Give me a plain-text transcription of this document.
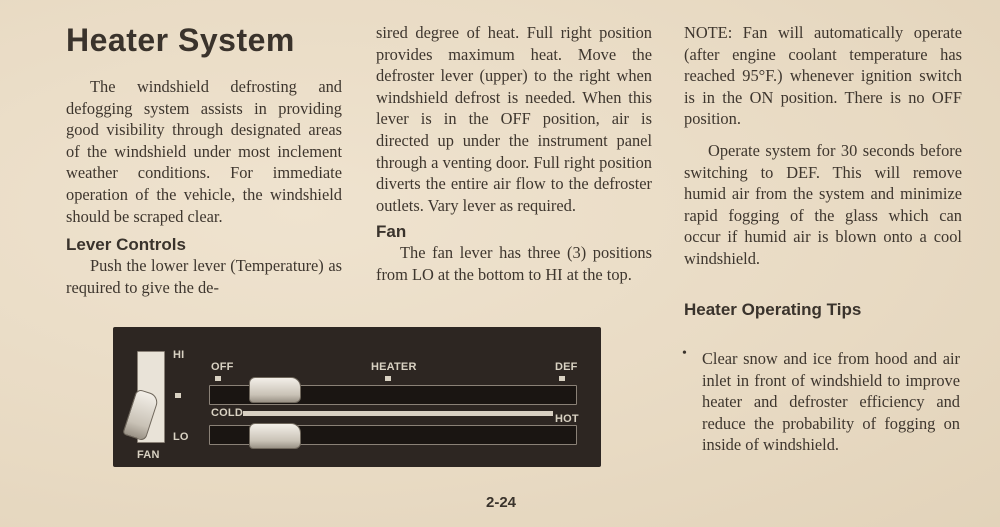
Heater System

The windshield defrosting and defogging system assists in providing good visibility through designated areas of the windshield under most inclement weather conditions. For immediate operation of the vehicle, the windshield should be scraped clear.

Lever Controls

Push the lower lever (Temperature) as required to give the de-

sired degree of heat. Full right position provides maximum heat. Move the defroster lever (upper) to the right when windshield defrost is needed. When this lever is in the OFF position, air is directed up under the instrument panel through a venting door. Full right position diverts the entire air flow to the defroster outlets. Vary lever as required.

Fan

The fan lever has three (3) positions from LO at the bottom to HI at the top.

NOTE: Fan will automatically operate (after engine coolant temperature has reached 95°F.) whenever ignition switch is in the ON position. There is no OFF position.

Operate system for 30 seconds before switching to DEF. This will remove humid air from the system and minimize rapid fogging of the glass which can occur if humid air is blown onto a cool windshield.

Heater Operating Tips
• Clear snow and ice from hood and air inlet in front of windshield to improve heater and defroster efficiency and reduce the probability of fogging on inside of windshield.

HI
LO
FAN
OFF	HEATER	DEF
COLD	HOT
2-24
